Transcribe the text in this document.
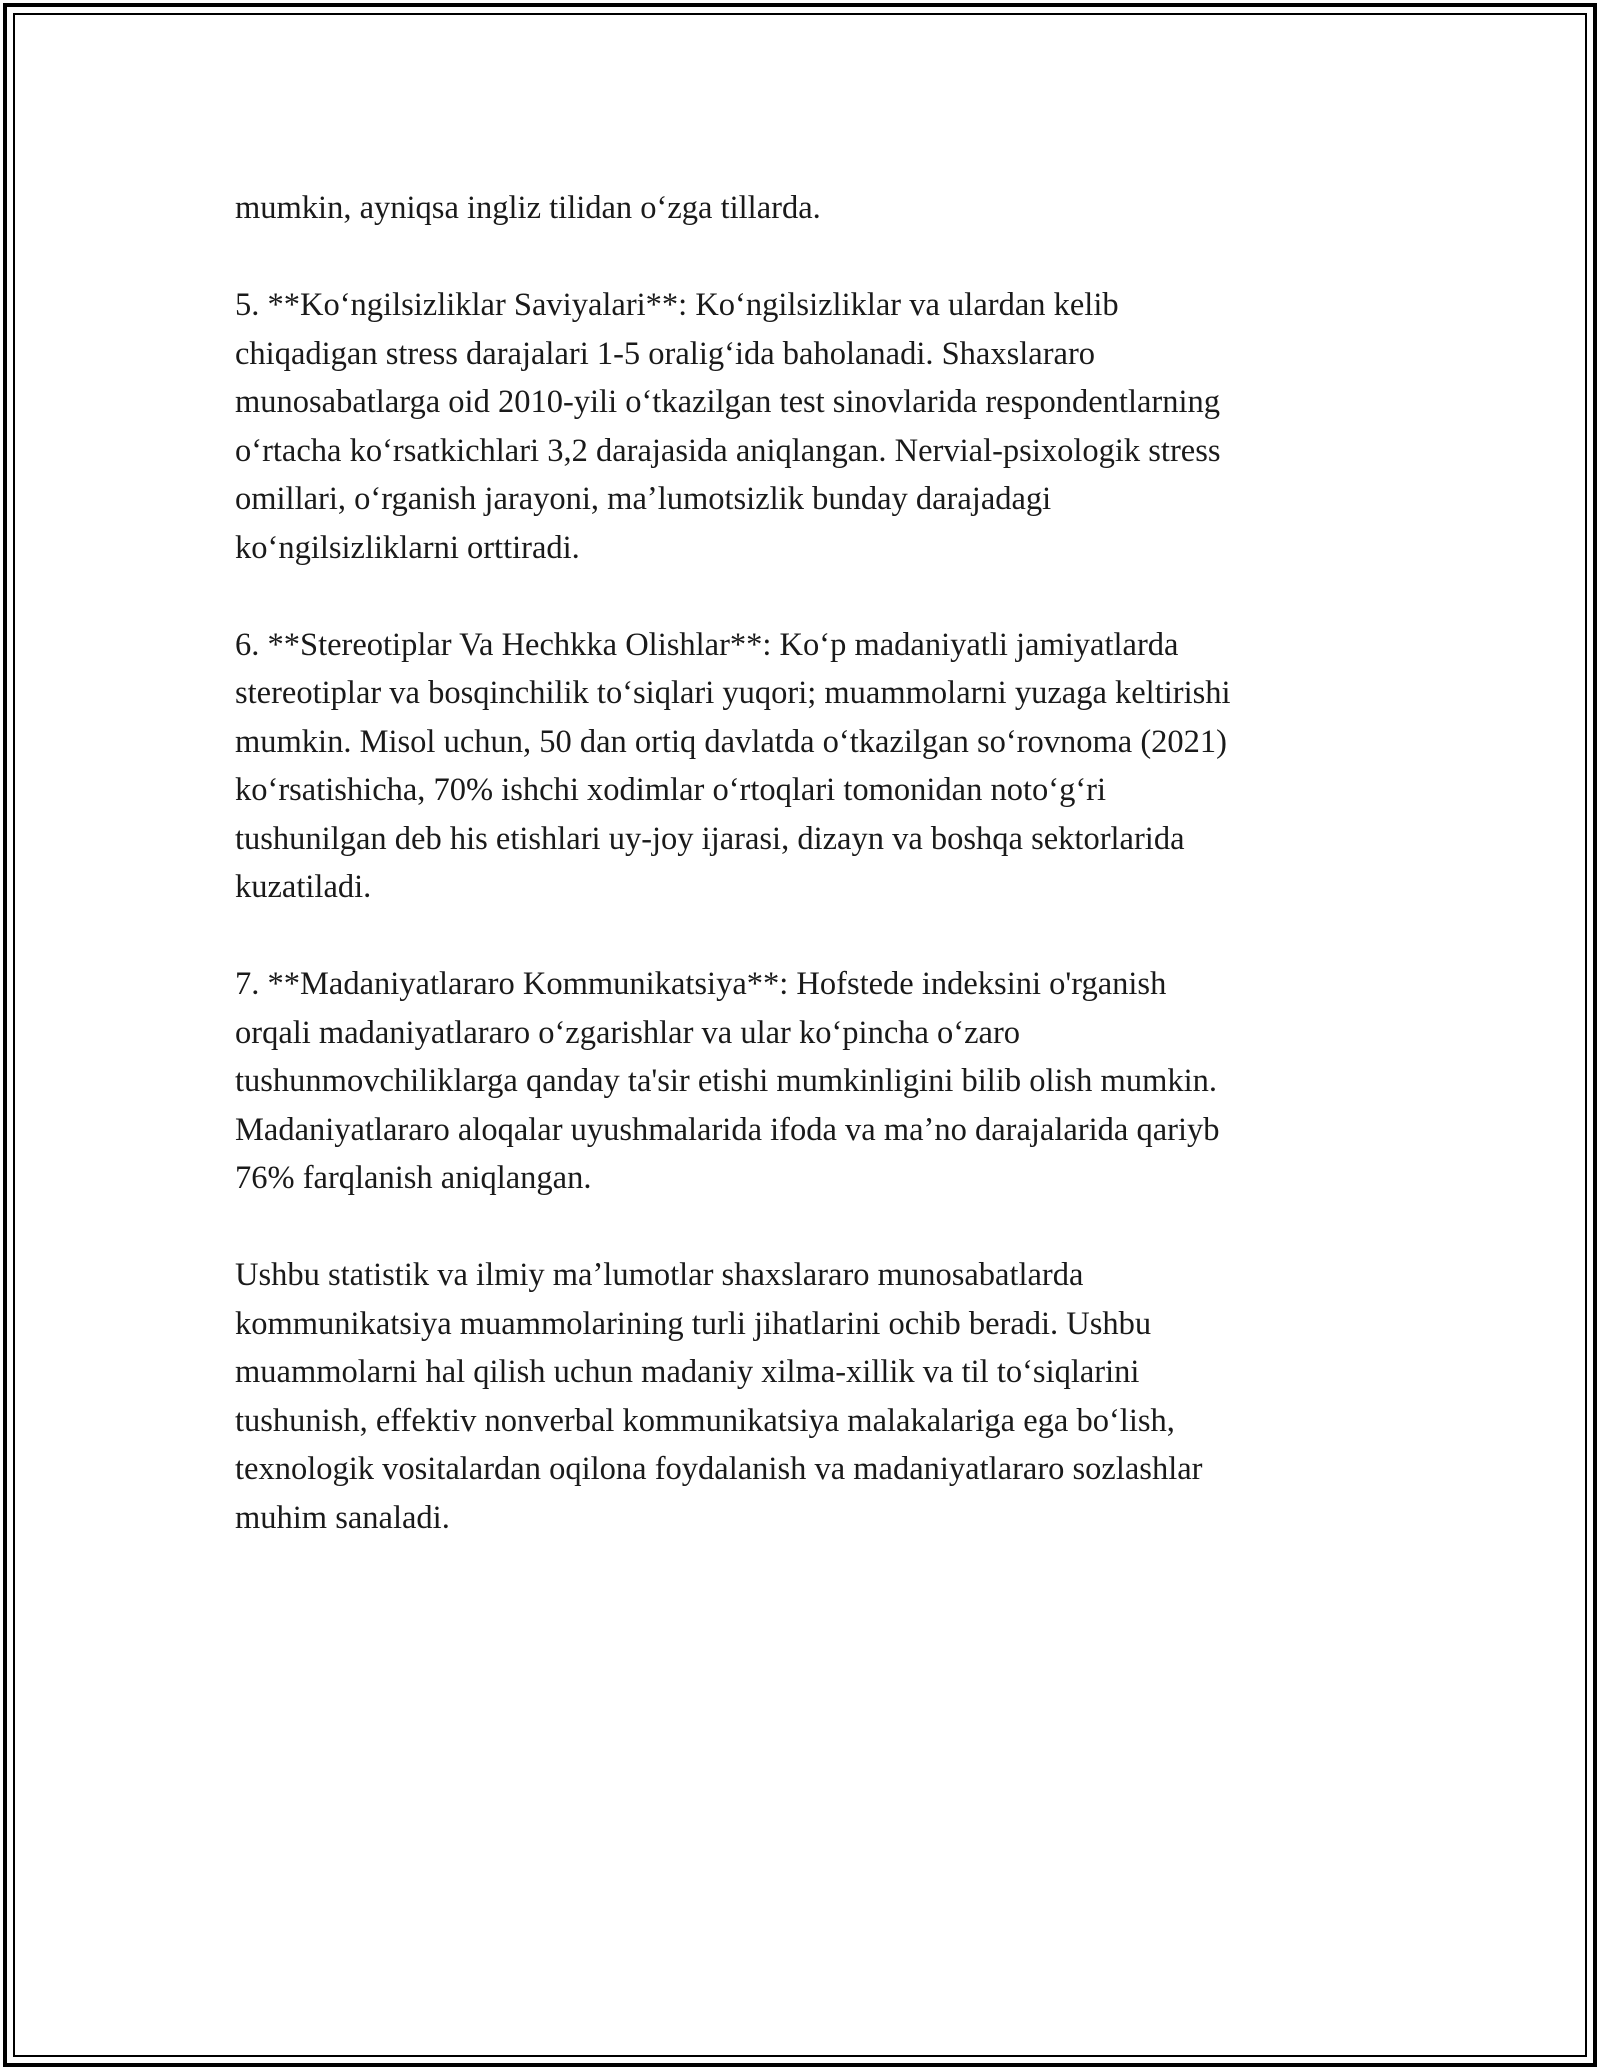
mumkin, ayniqsa ingliz tilidan oʻzga tillarda.

5. **Koʻngilsizliklar Saviyalari**: Koʻngilsizliklar va ulardan kelib
chiqadigan stress darajalari 1-5 oraligʻida baholanadi. Shaxslararo
munosabatlarga oid 2010-yili oʻtkazilgan test sinovlarida respondentlarning
oʻrtacha koʻrsatkichlari 3,2 darajasida aniqlangan. Nervial-psixologik stress
omillari, oʻrganish jarayoni, maʼlumotsizlik bunday darajadagi
koʻngilsizliklarni orttiradi.

6. **Stereotiplar Va Hechkka Olishlar**: Koʻp madaniyatli jamiyatlarda
stereotiplar va bosqinchilik toʻsiqlari yuqori; muammolarni yuzaga keltirishi
mumkin. Misol uchun, 50 dan ortiq davlatda oʻtkazilgan soʻrovnoma (2021)
koʻrsatishicha, 70% ishchi xodimlar oʻrtoqlari tomonidan notoʻgʻri
tushunilgan deb his etishlari uy-joy ijarasi, dizayn va boshqa sektorlarida
kuzatiladi.

7. **Madaniyatlararo Kommunikatsiya**: Hofstede indeksini o'rganish
orqali madaniyatlararo oʻzgarishlar va ular koʻpincha oʻzaro
tushunmovchiliklarga qanday ta'sir etishi mumkinligini bilib olish mumkin.
Madaniyatlararo aloqalar uyushmalarida ifoda va maʼno darajalarida qariyb
76% farqlanish aniqlangan.

Ushbu statistik va ilmiy maʼlumotlar shaxslararo munosabatlarda
kommunikatsiya muammolarining turli jihatlarini ochib beradi. Ushbu
muammolarni hal qilish uchun madaniy xilma-xillik va til toʻsiqlarini
tushunish, effektiv nonverbal kommunikatsiya malakalariga ega boʻlish,
texnologik vositalardan oqilona foydalanish va madaniyatlararo sozlashlar
muhim sanaladi.
